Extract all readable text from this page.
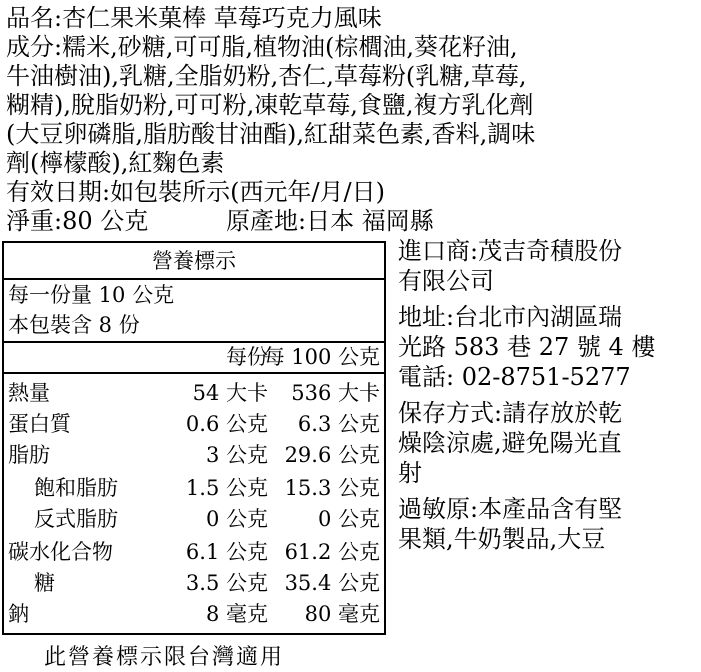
品名:杏仁果米菓棒 草莓巧克力風味
成分:糯米,砂糖,可可脂,植物油(棕櫚油,葵花籽油,
牛油樹油),乳糖,全脂奶粉,杏仁,草莓粉(乳糖,草莓,
糊精),脫脂奶粉,可可粉,凍乾草莓,食鹽,複方乳化劑
(大豆卵磷脂,脂肪酸甘油酯),紅甜菜色素,香料,調味
劑(檸檬酸),紅麴色素
有效日期:如包裝所示(西元年/月/日)
淨重:80 公克	原產地:日本 福岡縣
營養標示
每一份量 10 公克
本包裝含 8 份
每份
每 100 公克
熱量	54 大卡 536 大卡
蛋白質	0.6 公克 6.3 公克
脂肪	3 公克 29.6 公克
飽和脂肪	1.5 公克 15.3 公克
反式脂肪	0 公克 0 公克
碳水化合物	6.1 公克 61.2 公克
糖	3.5 公克 35.4 公克
鈉	8 毫克 80 毫克
此營養標示限台灣適用
進口商:茂吉奇積股份
有限公司
地址:台北市內湖區瑞
光路 583 巷 27 號 4 樓
電話: 02-8751-5277
保存方式:請存放於乾
燥陰涼處,避免陽光直
射
過敏原:本產品含有堅
果類,牛奶製品,大豆
